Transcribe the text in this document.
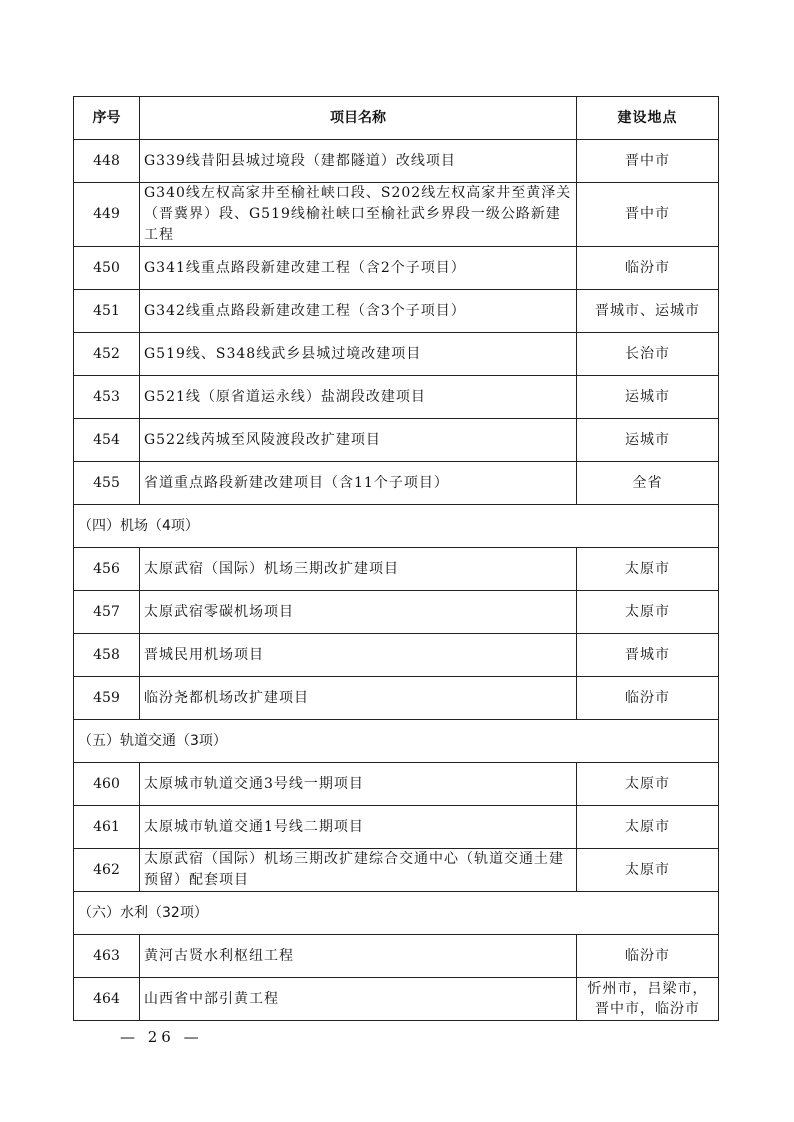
序号	项目名称	建设地点
448	G339线昔阳县城过境段（建都隧道）改线项目	晋中市
449	G340线左权高家井至榆社峡口段、S202线左权高家井至黄泽关（晋冀界）段、G519线榆社峡口至榆社武乡界段一级公路新建工程	晋中市
450	G341线重点路段新建改建工程（含2个子项目）	临汾市
451	G342线重点路段新建改建工程（含3个子项目）	晋城市、运城市
452	G519线、S348线武乡县城过境改建项目	长治市
453	G521线（原省道运永线）盐湖段改建项目	运城市
454	G522线芮城至风陵渡段改扩建项目	运城市
455	省道重点路段新建改建项目（含11个子项目）	全省
（四）机场（4项）		
456	太原武宿（国际）机场三期改扩建项目	太原市
457	太原武宿零碳机场项目	太原市
458	晋城民用机场项目	晋城市
459	临汾尧都机场改扩建项目	临汾市
（五）轨道交通（3项）		
460	太原城市轨道交通3号线一期项目	太原市
461	太原城市轨道交通1号线二期项目	太原市
462	太原武宿（国际）机场三期改扩建综合交通中心（轨道交通土建预留）配套项目	太原市
（六）水利（32项）		
463	黄河古贤水利枢纽工程	临汾市
464	山西省中部引黄工程	忻州市，吕梁市，
晋中市，临汾市
— 26 —
